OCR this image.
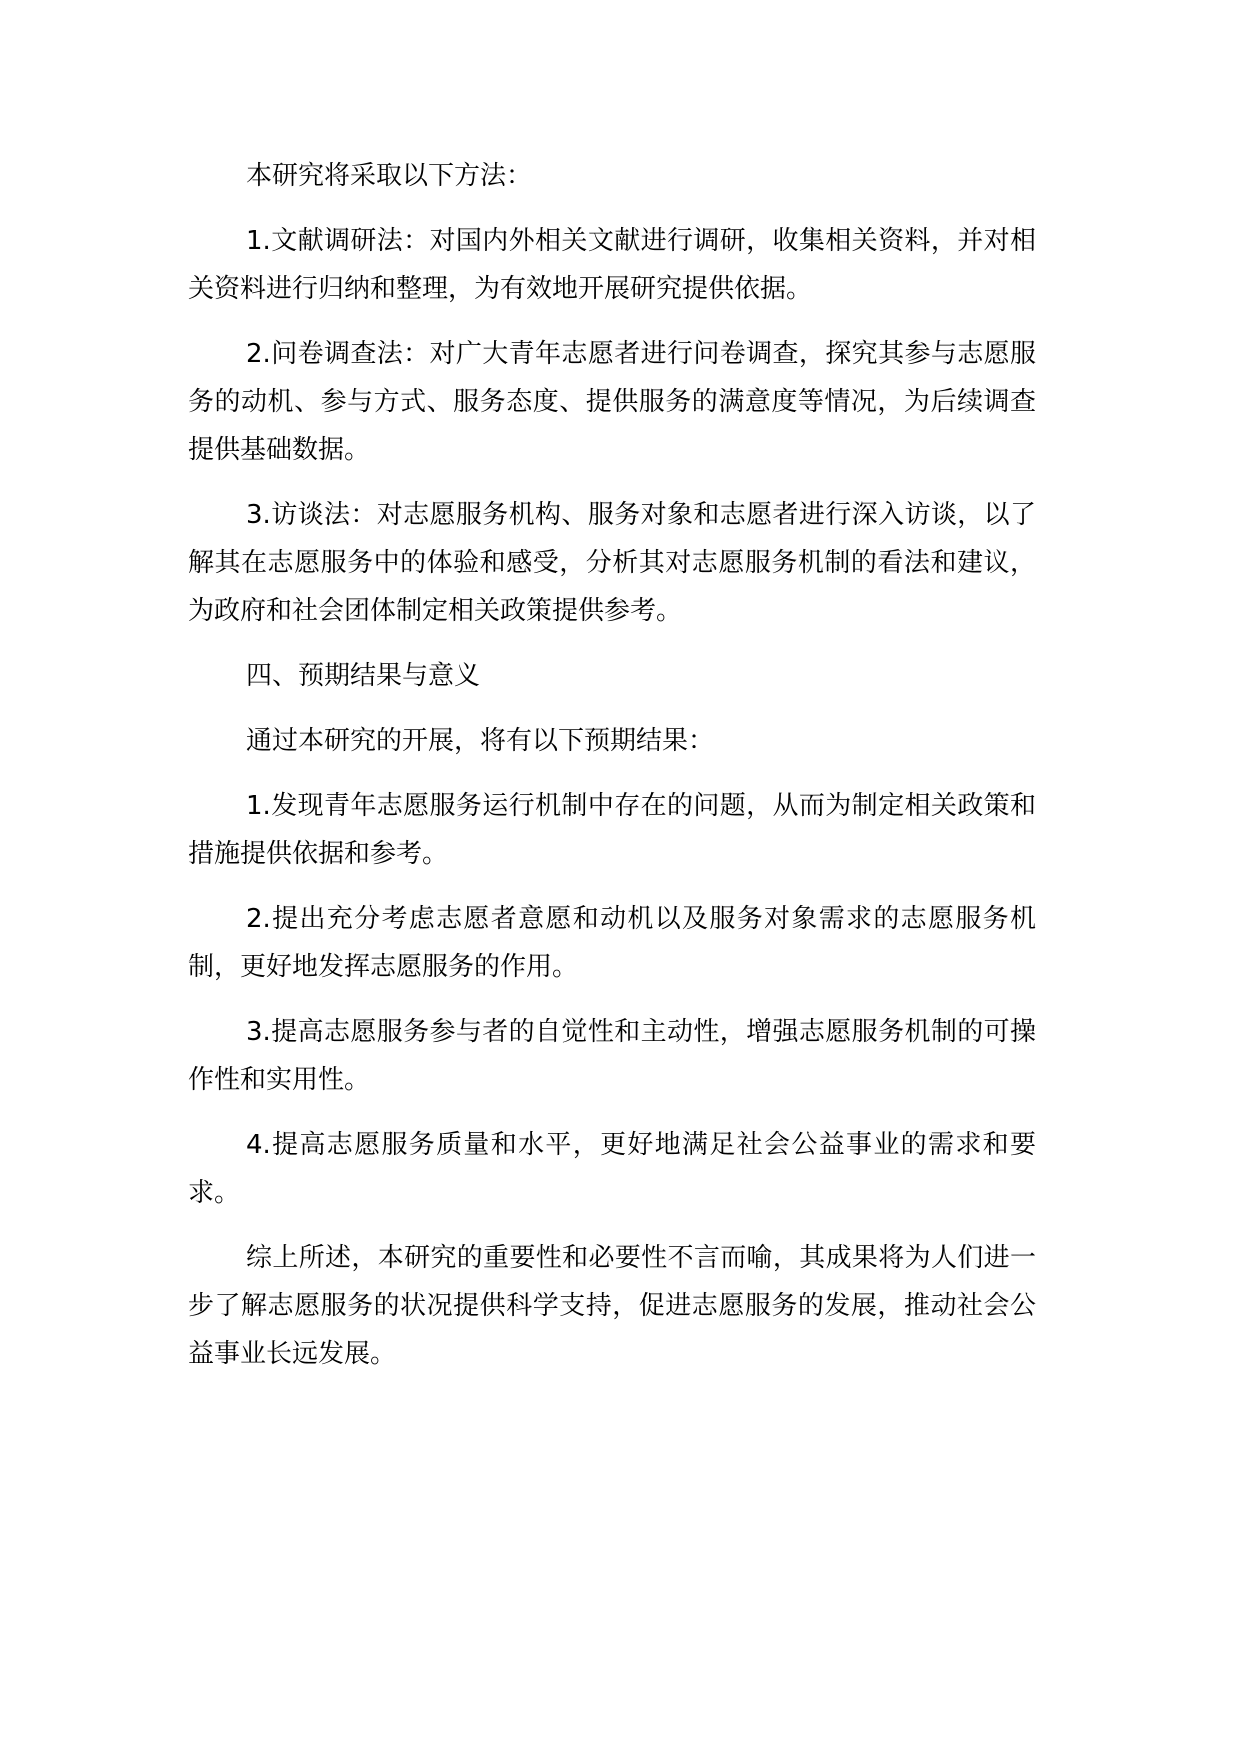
本研究将采取以下方法：

1.文献调研法：对国内外相关文献进行调研，收集相关资料，并对相关资料进行归纳和整理，为有效地开展研究提供依据。

2.问卷调查法：对广大青年志愿者进行问卷调查，探究其参与志愿服务的动机、参与方式、服务态度、提供服务的满意度等情况，为后续调查提供基础数据。

3.访谈法：对志愿服务机构、服务对象和志愿者进行深入访谈，以了解其在志愿服务中的体验和感受，分析其对志愿服务机制的看法和建议，为政府和社会团体制定相关政策提供参考。

四、预期结果与意义

通过本研究的开展，将有以下预期结果：

1.发现青年志愿服务运行机制中存在的问题，从而为制定相关政策和措施提供依据和参考。

2.提出充分考虑志愿者意愿和动机以及服务对象需求的志愿服务机制，更好地发挥志愿服务的作用。

3.提高志愿服务参与者的自觉性和主动性，增强志愿服务机制的可操作性和实用性。

4.提高志愿服务质量和水平，更好地满足社会公益事业的需求和要求。

综上所述，本研究的重要性和必要性不言而喻，其成果将为人们进一步了解志愿服务的状况提供科学支持，促进志愿服务的发展，推动社会公益事业长远发展。
